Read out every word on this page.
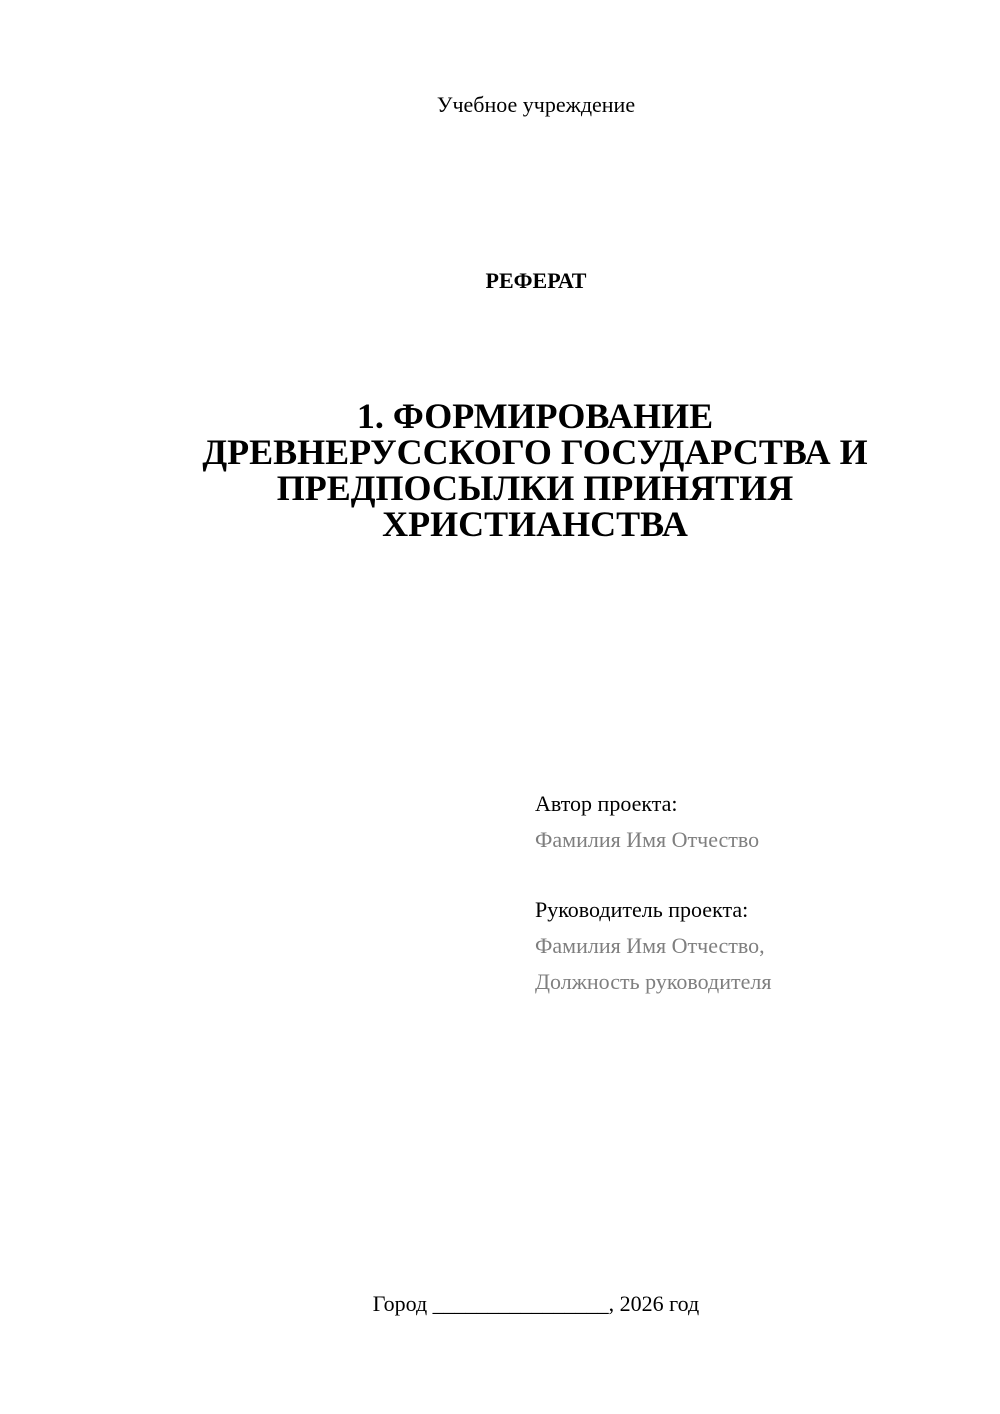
Учебное учреждение
РЕФЕРАТ
1. ФОРМИРОВАНИЕ
ДРЕВНЕРУССКОГО ГОСУДАРСТВА И
ПРЕДПОСЫЛКИ ПРИНЯТИЯ
ХРИСТИАНСТВА
Автор проекта:
Фамилия Имя Отчество
Руководитель проекта:
Фамилия Имя Отчество,
Должность руководителя
Город ________________, 2026 год
